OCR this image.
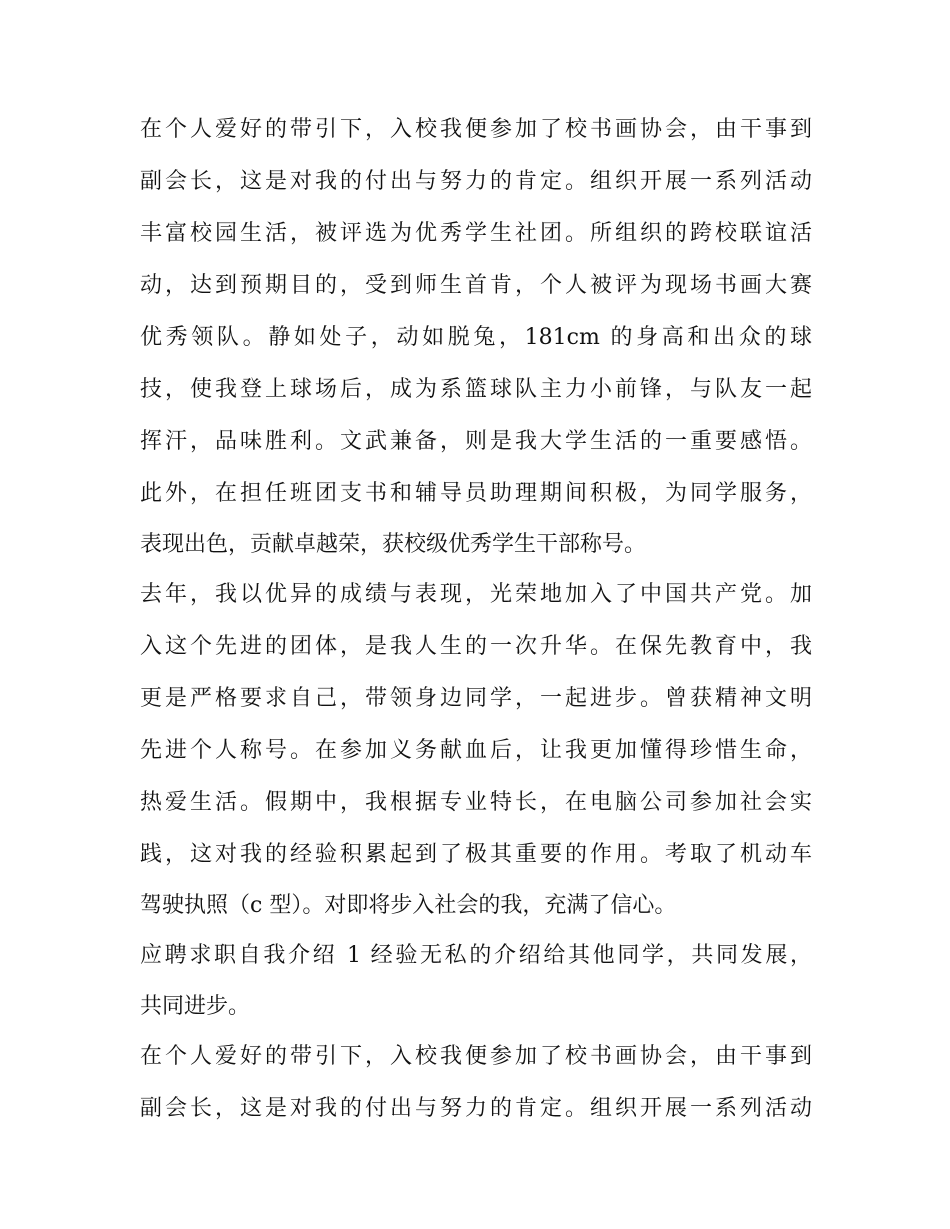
在个人爱好的带引下，入校我便参加了校书画协会，由干事到
副会长，这是对我的付出与努力的肯定。组织开展一系列活动
丰富校园生活，被评选为优秀学生社团。所组织的跨校联谊活
动，达到预期目的，受到师生首肯，个人被评为现场书画大赛
优秀领队。静如处子，动如脱兔，181cm 的身高和出众的球
技，使我登上球场后，成为系篮球队主力小前锋，与队友一起
挥汗，品味胜利。文武兼备，则是我大学生活的一重要感悟。
此外，在担任班团支书和辅导员助理期间积极，为同学服务，
表现出色，贡献卓越荣，获校级优秀学生干部称号。
去年，我以优异的成绩与表现，光荣地加入了中国共产党。加
入这个先进的团体，是我人生的一次升华。在保先教育中，我
更是严格要求自己，带领身边同学，一起进步。曾获精神文明
先进个人称号。在参加义务献血后，让我更加懂得珍惜生命，
热爱生活。假期中，我根据专业特长，在电脑公司参加社会实
践，这对我的经验积累起到了极其重要的作用。考取了机动车
驾驶执照（c 型）。对即将步入社会的我，充满了信心。
应聘求职自我介绍 1 经验无私的介绍给其他同学，共同发展，
共同进步。
在个人爱好的带引下，入校我便参加了校书画协会，由干事到
副会长，这是对我的付出与努力的肯定。组织开展一系列活动
